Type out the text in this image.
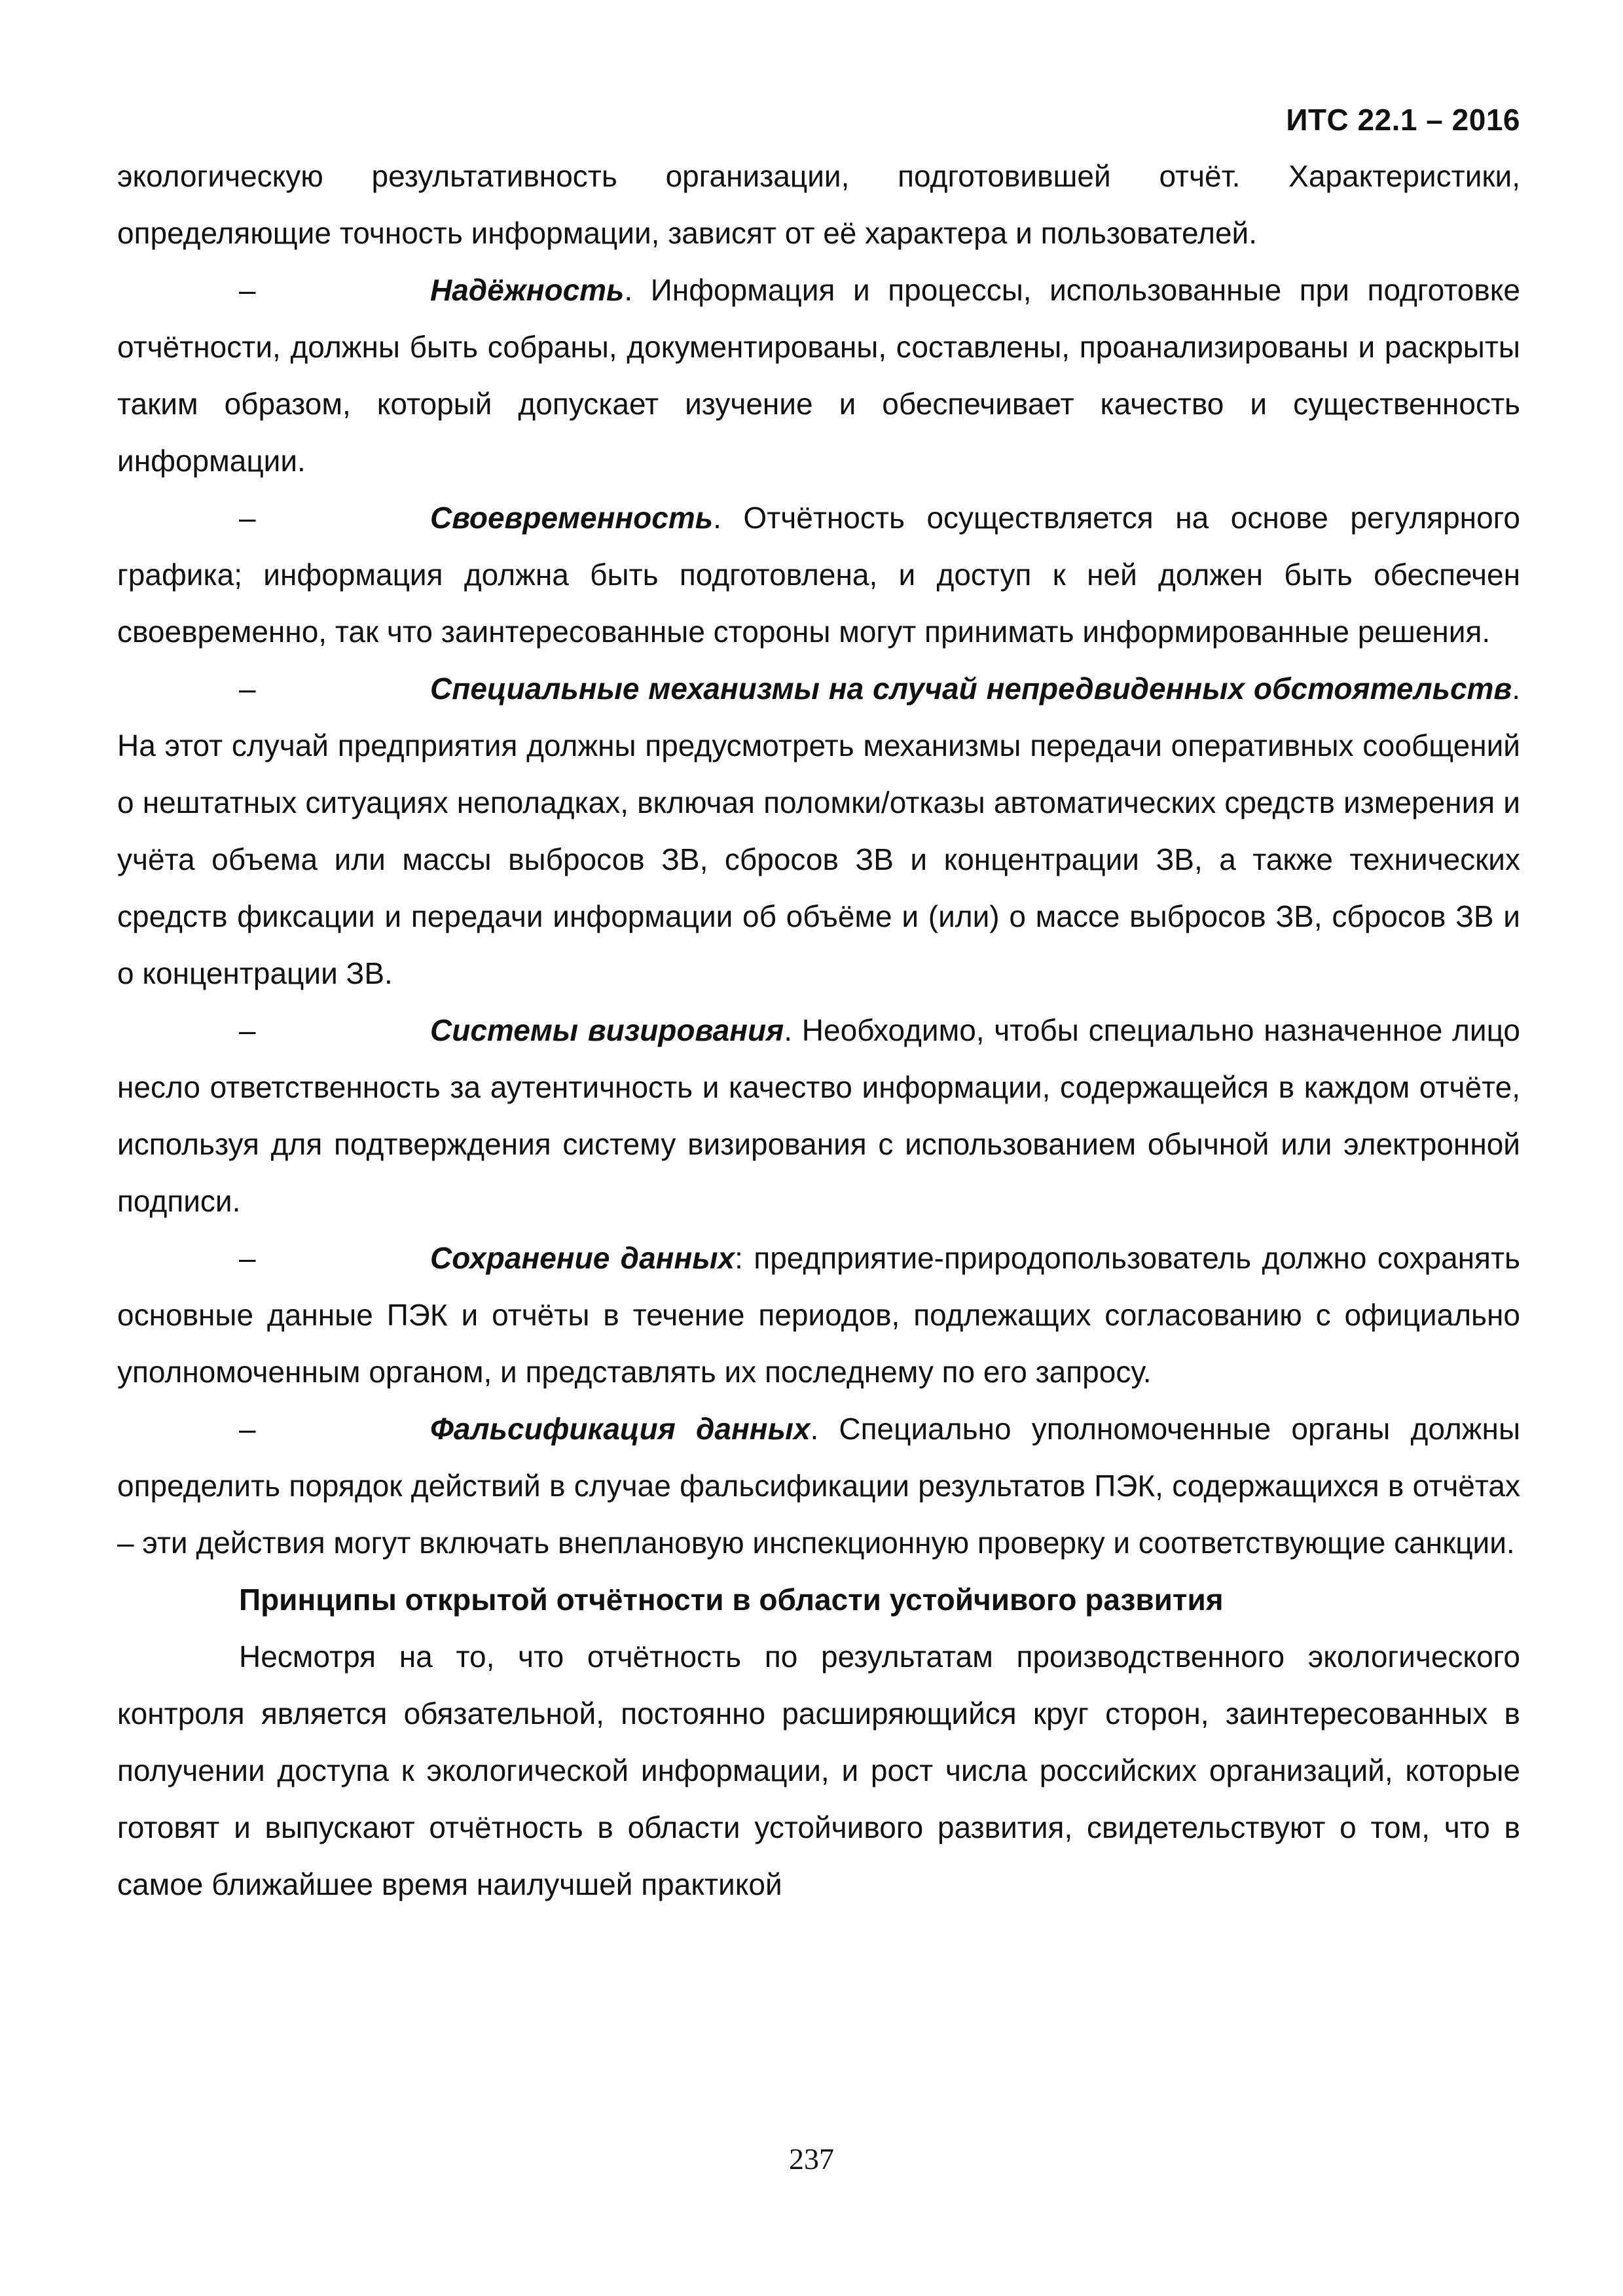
ИТС 22.1 – 2016

экологическую результативность организации, подготовившей отчёт. Характеристики, определяющие точность информации, зависят от её характера и пользователей.

–	Надёжность. Информация и процессы, использованные при подготовке отчётности, должны быть собраны, документированы, составлены, проанализированы и раскрыты таким образом, который допускает изучение и обеспечивает качество и существенность информации.

–	Своевременность. Отчётность осуществляется на основе регулярного графика; информация должна быть подготовлена, и доступ к ней должен быть обеспечен своевременно, так что заинтересованные стороны могут принимать информированные решения.

–	Специальные механизмы на случай непредвиденных обстоятельств. На этот случай предприятия должны предусмотреть механизмы передачи оперативных сообщений о нештатных ситуациях неполадках, включая поломки/отказы автоматических средств измерения и учёта объема или массы выбросов ЗВ, сбросов ЗВ и концентрации ЗВ, а также технических средств фиксации и передачи информации об объёме и (или) о массе выбросов ЗВ, сбросов ЗВ и о концентрации ЗВ.

–	Системы визирования. Необходимо, чтобы специально назначенное лицо несло ответственность за аутентичность и качество информации, содержащейся в каждом отчёте, используя для подтверждения систему визирования с использованием обычной или электронной подписи.

–	Сохранение данных: предприятие-природопользователь должно сохранять основные данные ПЭК и отчёты в течение периодов, подлежащих согласованию с официально уполномоченным органом, и представлять их последнему по его запросу.

–	Фальсификация данных. Специально уполномоченные органы должны определить порядок действий в случае фальсификации результатов ПЭК, содержащихся в отчётах – эти действия могут включать внеплановую инспекционную проверку и соответствующие санкции.

Принципы открытой отчётности в области устойчивого развития

Несмотря на то, что отчётность по результатам производственного экологического контроля является обязательной, постоянно расширяющийся круг сторон, заинтересованных в получении доступа к экологической информации, и рост числа российских организаций, которые готовят и выпускают отчётность в области устойчивого развития, свидетельствуют о том, что в самое ближайшее время наилучшей практикой

237
